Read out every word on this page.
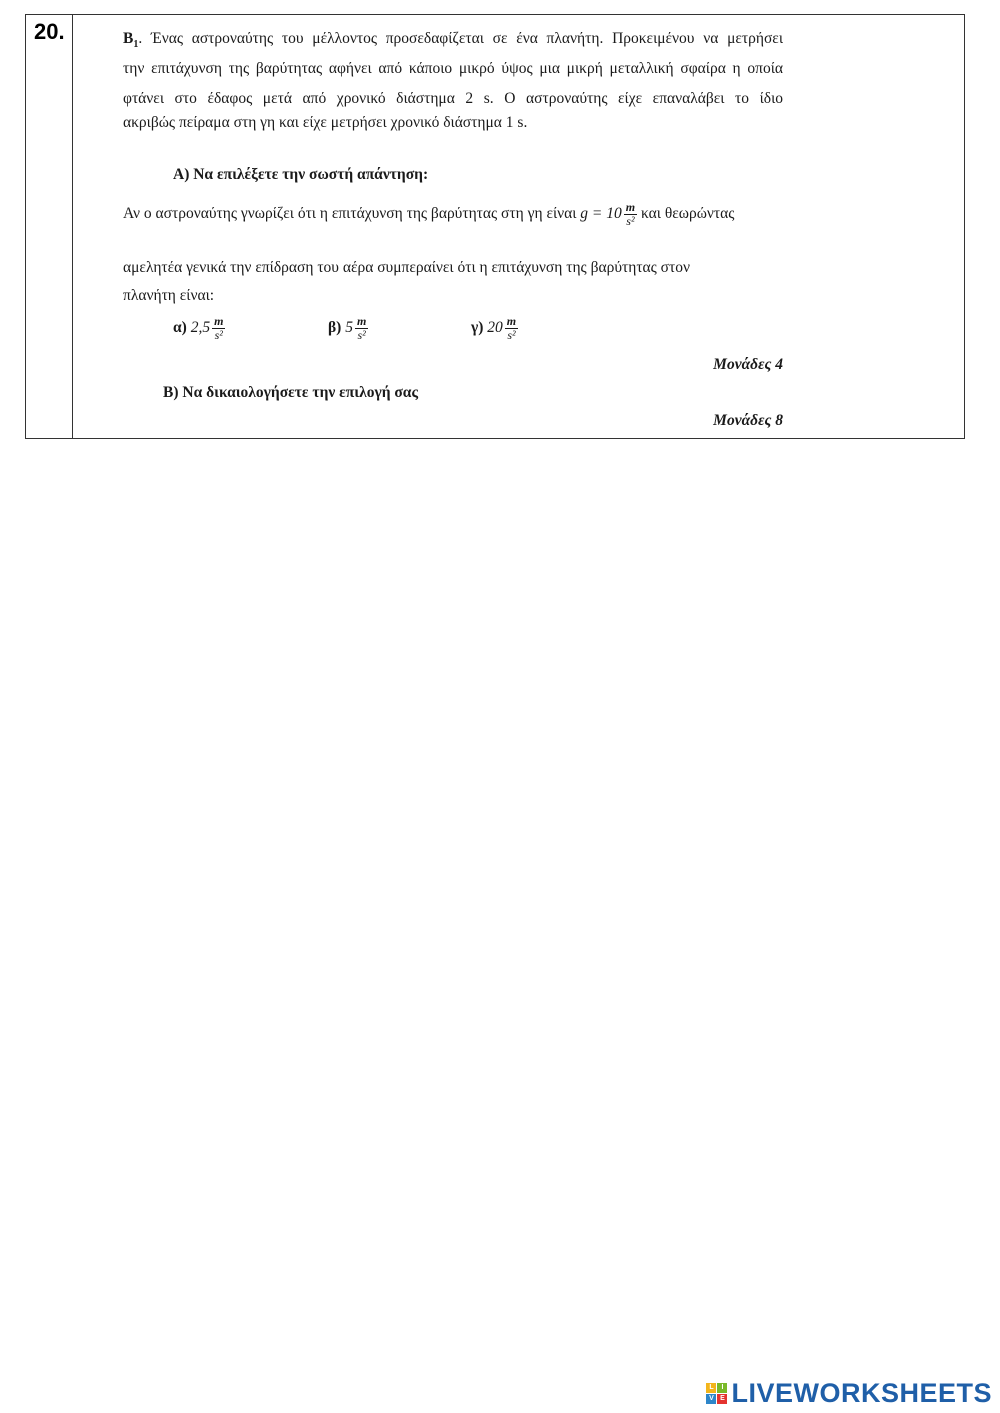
20.	$B_1$. Ένας αστροναύτης του μέλλοντος προσεδαφίζεται σε ένα πλανήτη. Προκειμένου να μετρήσει
την επιτάχυνση της βαρύτητας αφήνει από κάποιο μικρό ύψος μια μικρή μεταλλική σφαίρα η οποία
φτάνει στο έδαφος μετά από χρονικό διάστημα 2 s. Ο αστροναύτης είχε επαναλάβει το ίδιο
ακριβώς πείραμα στη γη και είχε μετρήσει χρονικό διάστημα 1 s.
Α) Να επιλέξετε την σωστή απάντηση:
Αν ο αστροναύτης γνωρίζει ότι η επιτάχυνση της βαρύτητας στη γη είναι $g = 10 \frac{m}{\text{s²}}$ και θεωρώντας
αμελητέα γενικά την επίδραση του αέρα συμπεραίνει ότι η επιτάχυνση της βαρύτητας στον
πλανήτη είναι:
α) $2,5 \frac{m}{\text{s²}}$	β) $5 \frac{m}{\text{s²}}$	γ) $20 \frac{m}{\text{s²}}$
Μονάδες 4
Β) Να δικαιολογήσετε την επιλογή σας
Μονάδες 8
L	I
V E LIVEWORKSHEETS
